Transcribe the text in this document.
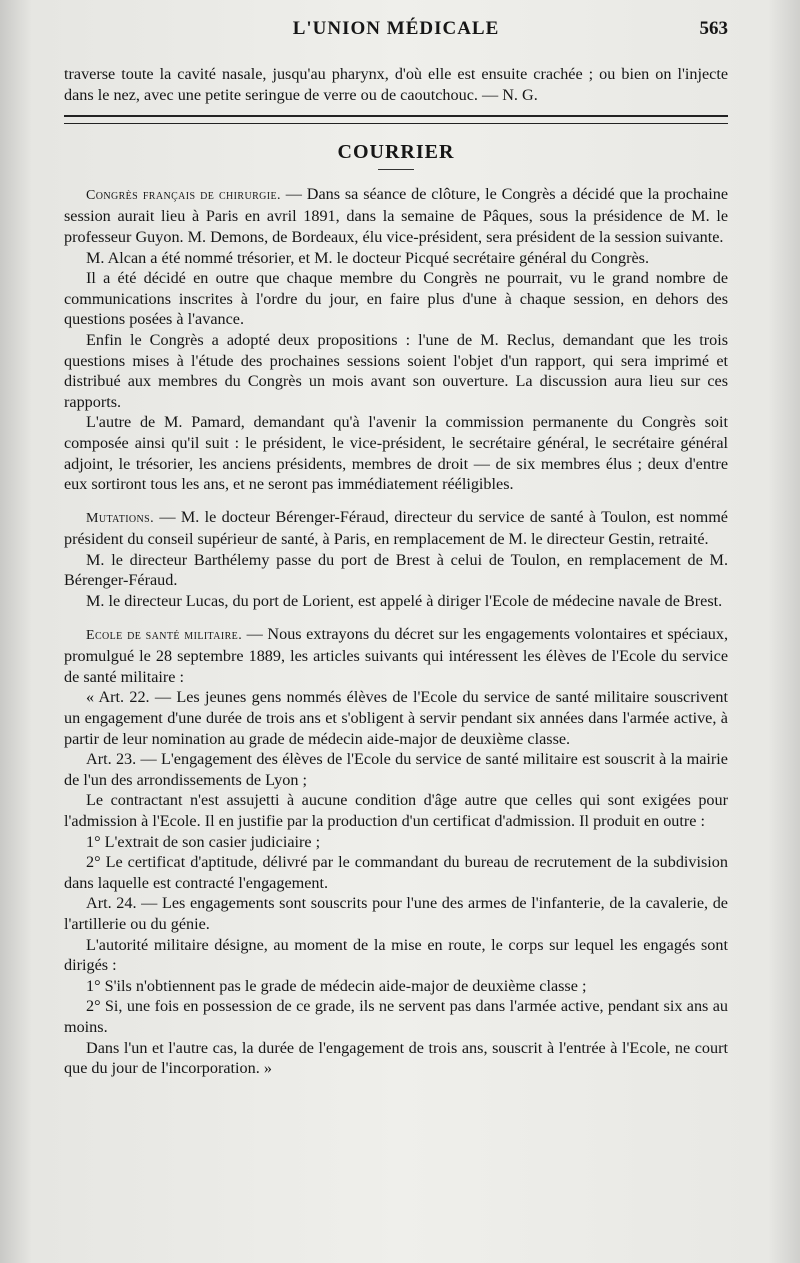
L'UNION MÉDICALE	563

traverse toute la cavité nasale, jusqu'au pharynx, d'où elle est ensuite crachée ; ou bien on l'injecte dans le nez, avec une petite seringue de verre ou de caoutchouc. — N. G.

COURRIER

Congrès français de chirurgie. — Dans sa séance de clôture, le Congrès a décidé que la prochaine session aurait lieu à Paris en avril 1891, dans la semaine de Pâques, sous la présidence de M. le professeur Guyon. M. Demons, de Bordeaux, élu vice-président, sera président de la session suivante.

M. Alcan a été nommé trésorier, et M. le docteur Picqué secrétaire général du Congrès.

Il a été décidé en outre que chaque membre du Congrès ne pourrait, vu le grand nombre de communications inscrites à l'ordre du jour, en faire plus d'une à chaque session, en dehors des questions posées à l'avance.

Enfin le Congrès a adopté deux propositions : l'une de M. Reclus, demandant que les trois questions mises à l'étude des prochaines sessions soient l'objet d'un rapport, qui sera imprimé et distribué aux membres du Congrès un mois avant son ouverture. La discussion aura lieu sur ces rapports.

L'autre de M. Pamard, demandant qu'à l'avenir la commission permanente du Congrès soit composée ainsi qu'il suit : le président, le vice-président, le secrétaire général, le secrétaire général adjoint, le trésorier, les anciens présidents, membres de droit — de six membres élus ; deux d'entre eux sortiront tous les ans, et ne seront pas immédiatement rééligibles.

Mutations. — M. le docteur Bérenger-Féraud, directeur du service de santé à Toulon, est nommé président du conseil supérieur de santé, à Paris, en remplacement de M. le directeur Gestin, retraité.

M. le directeur Barthélemy passe du port de Brest à celui de Toulon, en remplacement de M. Bérenger-Féraud.

M. le directeur Lucas, du port de Lorient, est appelé à diriger l'Ecole de médecine navale de Brest.

Ecole de santé militaire. — Nous extrayons du décret sur les engagements volontaires et spéciaux, promulgué le 28 septembre 1889, les articles suivants qui intéressent les élèves de l'Ecole du service de santé militaire :

« Art. 22. — Les jeunes gens nommés élèves de l'Ecole du service de santé militaire souscrivent un engagement d'une durée de trois ans et s'obligent à servir pendant six années dans l'armée active, à partir de leur nomination au grade de médecin aide-major de deuxième classe.

Art. 23. — L'engagement des élèves de l'Ecole du service de santé militaire est souscrit à la mairie de l'un des arrondissements de Lyon ;

Le contractant n'est assujetti à aucune condition d'âge autre que celles qui sont exigées pour l'admission à l'Ecole. Il en justifie par la production d'un certificat d'admission. Il produit en outre :

1° L'extrait de son casier judiciaire ;

2° Le certificat d'aptitude, délivré par le commandant du bureau de recrutement de la subdivision dans laquelle est contracté l'engagement.

Art. 24. — Les engagements sont souscrits pour l'une des armes de l'infanterie, de la cavalerie, de l'artillerie ou du génie.

L'autorité militaire désigne, au moment de la mise en route, le corps sur lequel les engagés sont dirigés :

1° S'ils n'obtiennent pas le grade de médecin aide-major de deuxième classe ;

2° Si, une fois en possession de ce grade, ils ne servent pas dans l'armée active, pendant six ans au moins.

Dans l'un et l'autre cas, la durée de l'engagement de trois ans, souscrit à l'entrée à l'Ecole, ne court que du jour de l'incorporation. »
